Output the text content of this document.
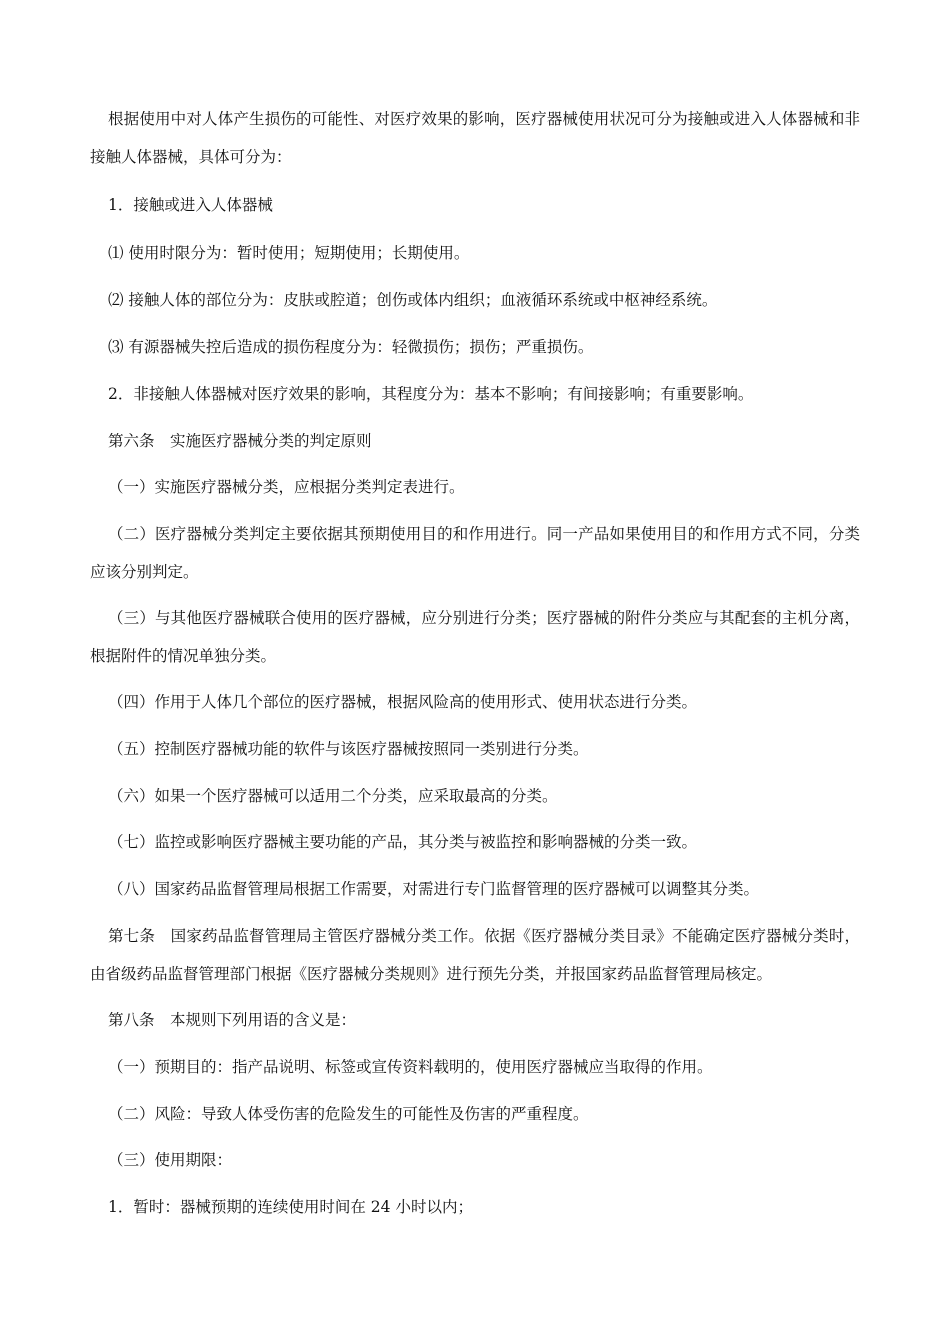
根据使用中对人体产生损伤的可能性、对医疗效果的影响，医疗器械使用状况可分为接触或进入人体器械和非接触人体器械，具体可分为：

1．接触或进入人体器械

⑴ 使用时限分为：暂时使用；短期使用；长期使用。

⑵ 接触人体的部位分为：皮肤或腔道；创伤或体内组织；血液循环系统或中枢神经系统。

⑶ 有源器械失控后造成的损伤程度分为：轻微损伤；损伤；严重损伤。

2．非接触人体器械对医疗效果的影响，其程度分为：基本不影响；有间接影响；有重要影响。

第六条　实施医疗器械分类的判定原则

（一）实施医疗器械分类，应根据分类判定表进行。

（二）医疗器械分类判定主要依据其预期使用目的和作用进行。同一产品如果使用目的和作用方式不同，分类应该分别判定。

（三）与其他医疗器械联合使用的医疗器械，应分别进行分类；医疗器械的附件分类应与其配套的主机分离，根据附件的情况单独分类。

（四）作用于人体几个部位的医疗器械，根据风险高的使用形式、使用状态进行分类。

（五）控制医疗器械功能的软件与该医疗器械按照同一类别进行分类。

（六）如果一个医疗器械可以适用二个分类，应采取最高的分类。

（七）监控或影响医疗器械主要功能的产品，其分类与被监控和影响器械的分类一致。

（八）国家药品监督管理局根据工作需要，对需进行专门监督管理的医疗器械可以调整其分类。

第七条　国家药品监督管理局主管医疗器械分类工作。依据《医疗器械分类目录》不能确定医疗器械分类时，由省级药品监督管理部门根据《医疗器械分类规则》进行预先分类，并报国家药品监督管理局核定。

第八条　本规则下列用语的含义是：

（一）预期目的：指产品说明、标签或宣传资料载明的，使用医疗器械应当取得的作用。

（二）风险：导致人体受伤害的危险发生的可能性及伤害的严重程度。

（三）使用期限：

1．暂时：器械预期的连续使用时间在 24 小时以内；
